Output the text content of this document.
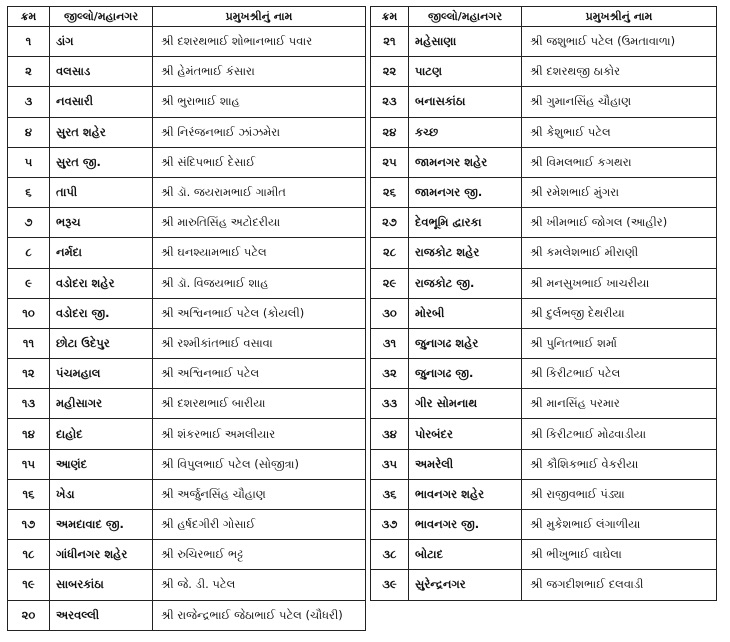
ક્રમ	જીલ્લો/મહાનગર	પ્રમુખશ્રીનું નામ
૧	ડાંગ	શ્રી દશરથભાઈ શોભાનભાઈ પવાર
૨	વલસાડ	શ્રી હેમંતભાઈ કંસારા
૩	નવસારી	શ્રી ભુરાભાઈ શાહ
૪	સુરત શહેર	શ્રી નિરંજનભાઈ ઝાંઝમેરા
૫	સુરત જી.	શ્રી સંદિપભાઈ દેસાઈ
૬	તાપી	શ્રી ડૉ. જયરામભાઈ ગામીત
૭	ભરૂચ	શ્રી મારુતિસિંહ અટોદરીયા
૮	નર્મદા	શ્રી ઘનશ્યામભાઈ પટેલ
૯	વડોદરા શહેર	શ્રી ડૉ. વિજયભાઈ શાહ
૧૦	વડોદરા જી.	શ્રી અશ્વિનભાઈ પટેલ (કોયલી)
૧૧	છોટા ઉદેપુર	શ્રી રશ્મીકાંતભાઈ વસાવા
૧૨	પંચમહાલ	શ્રી અશ્વિનભાઈ પટેલ
૧૩	મહીસાગર	શ્રી દશરથભાઈ બારીયા
૧૪	દાહોદ	શ્રી શંકરભાઈ અમલીયાર
૧૫	આણંદ	શ્રી વિપુલભાઈ પટેલ (સોજીત્રા)
૧૬	ખેડા	શ્રી અર્જુનસિંહ ચૌહાણ
૧૭	અમદાવાદ જી.	શ્રી હર્ષદગીરી ગોસાઈ
૧૮	ગાંધીનગર શહેર	શ્રી રુચિરભાઈ ભટ્ટ
૧૯	સાબરકાંઠા	શ્રી જે. ડી. પટેલ
૨૦	અરવલ્લી	શ્રી રાજેન્દ્રભાઈ જેઠાભાઈ પટેલ (ચૌધરી)
ક્રમ	જીલ્લો/મહાનગર	પ્રમુખશ્રીનું નામ
૨૧	મહેસાણા	શ્રી જશુભાઈ પટેલ (ઉમતાવાળા)
૨૨	પાટણ	શ્રી દશરથજી ઠાકોર
૨૩	બનાસકાંઠા	શ્રી ગુમાનસિંહ ચૌહાણ
૨૪	કચ્છ	શ્રી કેશુભાઈ પટેલ
૨૫	જામનગર શહેર	શ્રી વિમલભાઈ કગથરા
૨૬	જામનગર જી.	શ્રી રમેશભાઈ મુંગરા
૨૭	દેવભૂમિ દ્વારકા	શ્રી ખીમભાઈ જોગલ (આહીર)
૨૮	રાજકોટ શહેર	શ્રી કમલેશભાઈ મીરાણી
૨૯	રાજકોટ જી.	શ્રી મનસુખભાઈ ખાચરીયા
૩૦	મોરબી	શ્રી દુર્લભજી દેથરીયા
૩૧	જુનાગઢ શહેર	શ્રી પુનિતભાઈ શર્મા
૩૨	જુનાગઢ જી.	શ્રી કિરીટભાઈ પટેલ
૩૩	ગીર સોમનાથ	શ્રી માનસિંહ પરમાર
૩૪	પોરબંદર	શ્રી કિરીટભાઈ મોઢવાડીયા
૩૫	અમરેલી	શ્રી કૌશિકભાઈ વેકરીયા
૩૬	ભાવનગર શહેર	શ્રી રાજીવભાઈ પંડ્યા
૩૭	ભાવનગર જી.	શ્રી મુકેશભાઈ લંગાળીયા
૩૮	બોટાદ	શ્રી ભીખુભાઈ વાઘેલા
૩૯	સુરેન્દ્રનગર	શ્રી જગદીશભાઈ દલવાડી
